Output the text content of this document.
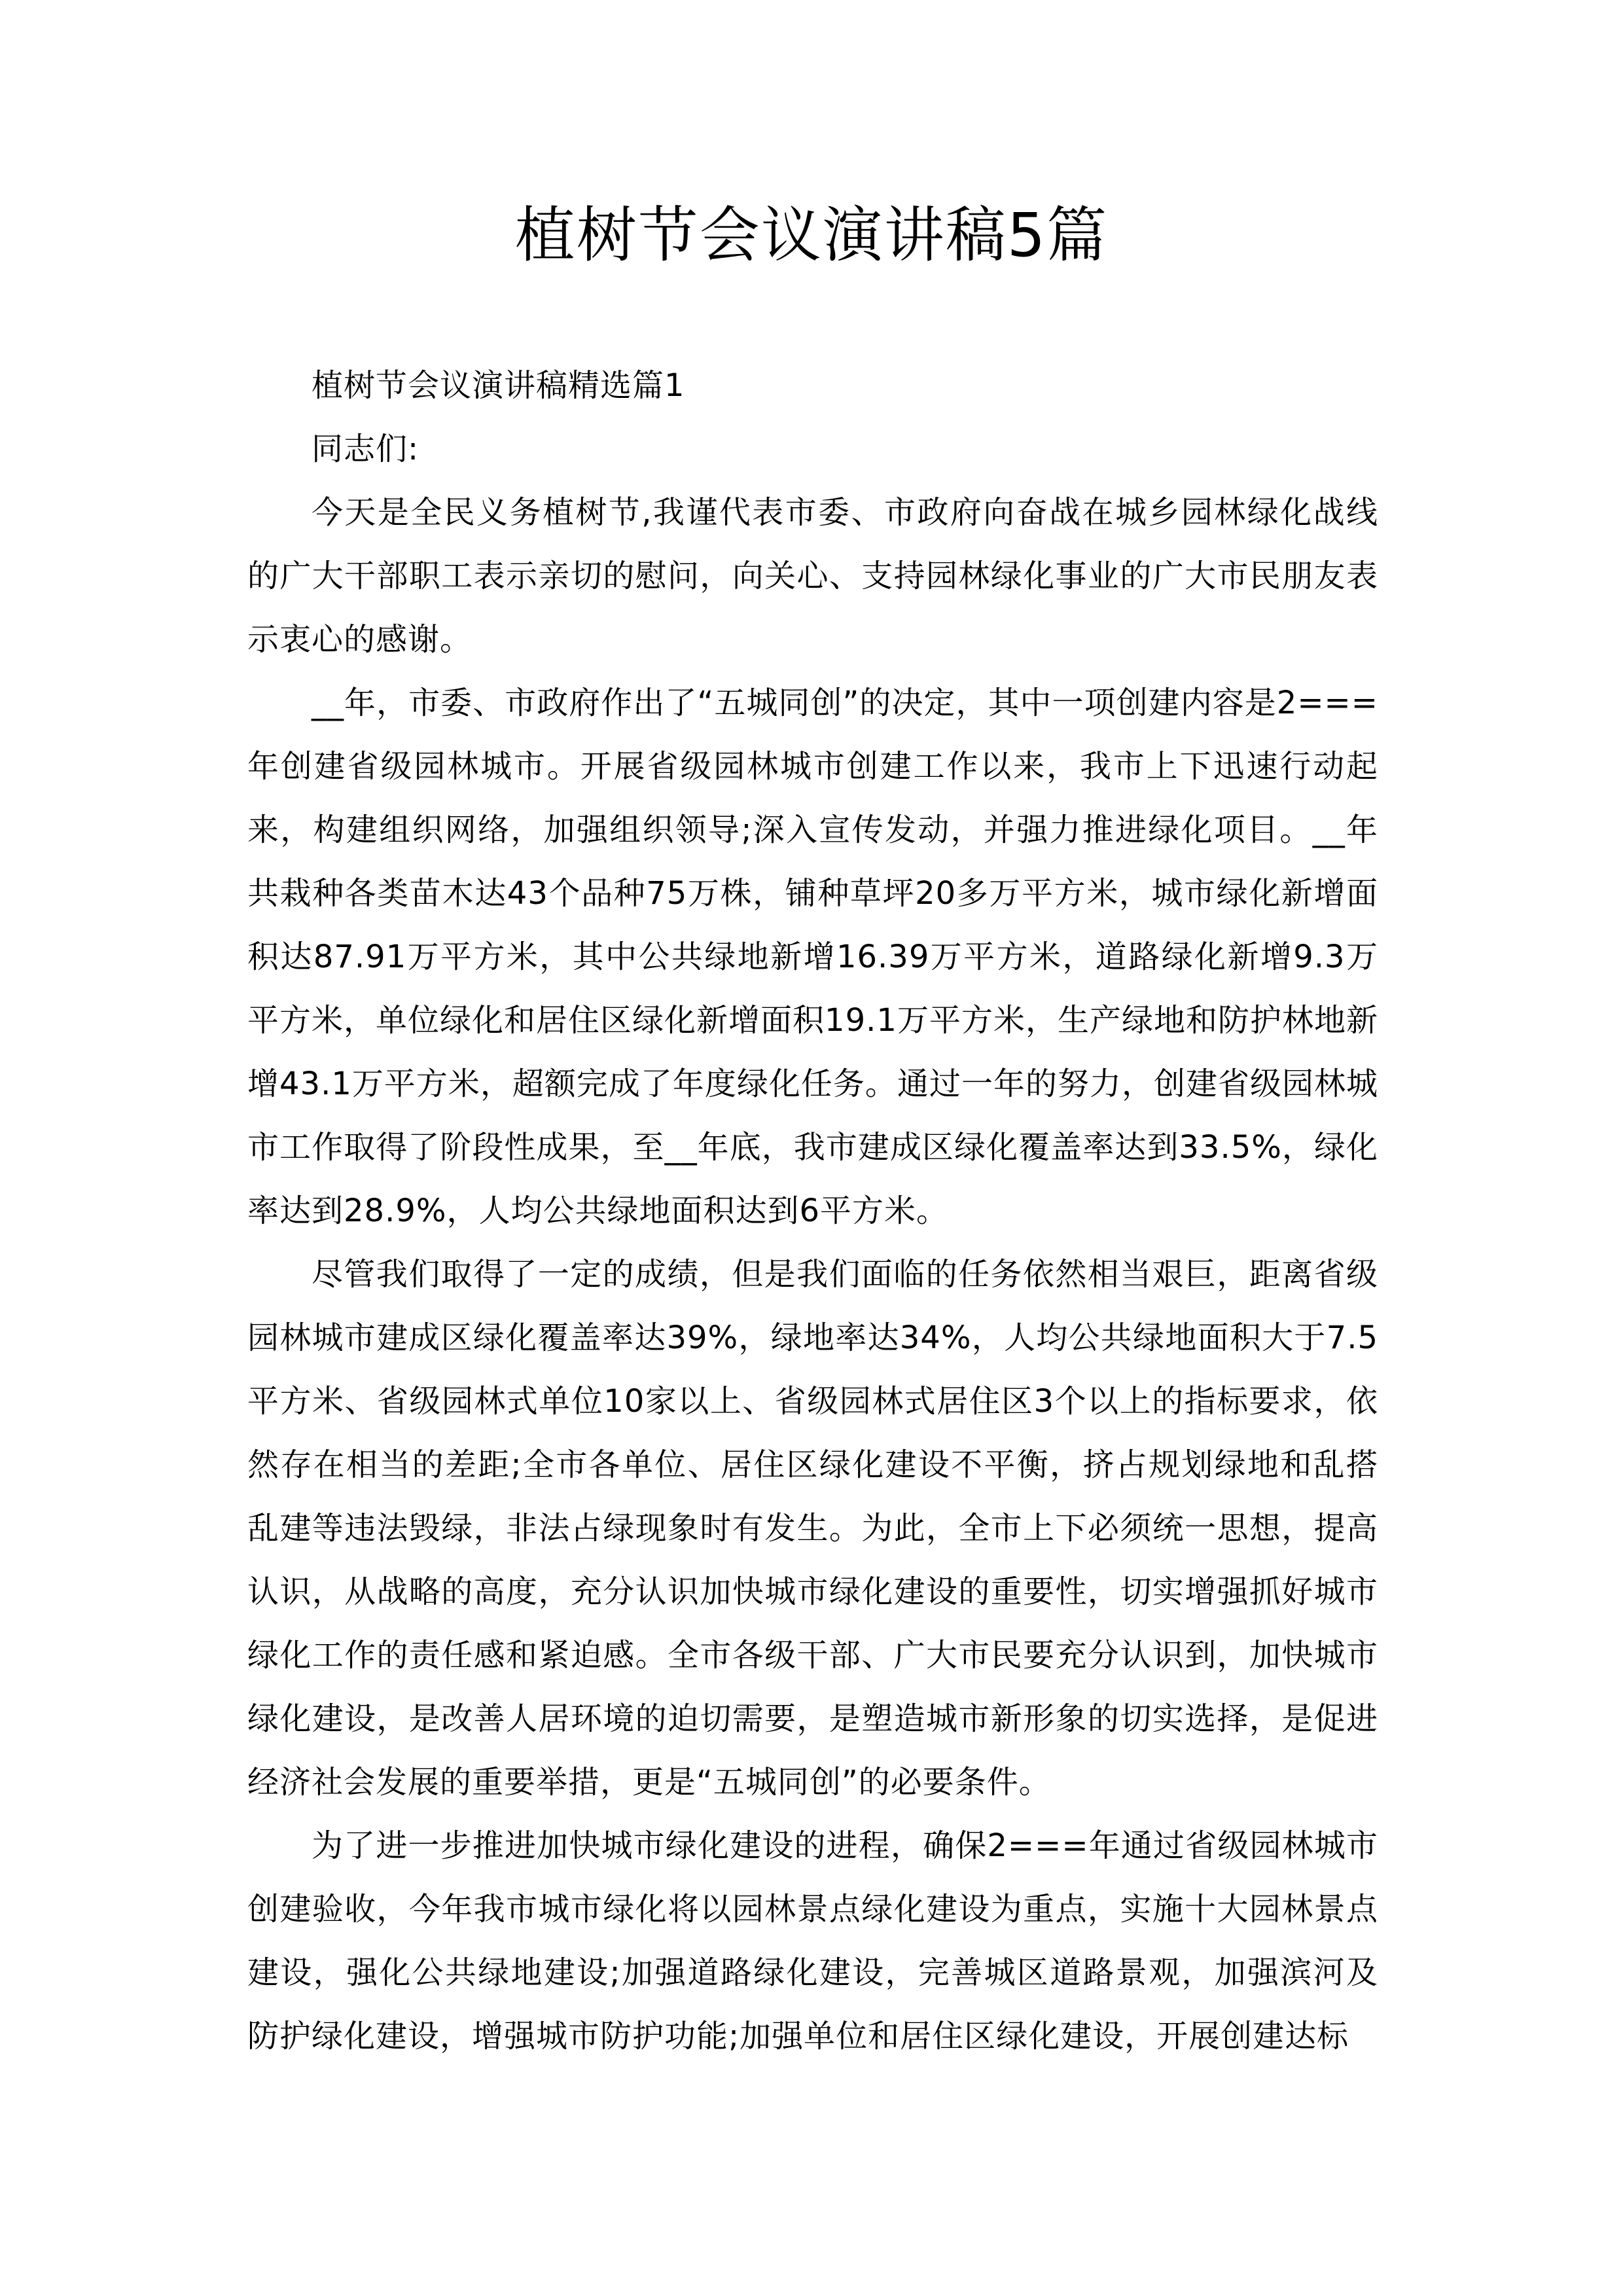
植树节会议演讲稿5篇

植树节会议演讲稿精选篇1

同志们:

今天是全民义务植树节,我谨代表市委、市政府向奋战在城乡园林绿化战线的广大干部职工表示亲切的慰问，向关心、支持园林绿化事业的广大市民朋友表示衷心的感谢。

__年，市委、市政府作出了“五城同创”的决定，其中一项创建内容是2===年创建省级园林城市。开展省级园林城市创建工作以来，我市上下迅速行动起来，构建组织网络，加强组织领导;深入宣传发动，并强力推进绿化项目。__年共栽种各类苗木达43个品种75万株，铺种草坪20多万平方米，城市绿化新增面积达87.91万平方米，其中公共绿地新增16.39万平方米，道路绿化新增9.3万平方米，单位绿化和居住区绿化新增面积19.1万平方米，生产绿地和防护林地新增43.1万平方米，超额完成了年度绿化任务。通过一年的努力，创建省级园林城市工作取得了阶段性成果，至__年底，我市建成区绿化覆盖率达到33.5%，绿化率达到28.9%，人均公共绿地面积达到6平方米。

尽管我们取得了一定的成绩，但是我们面临的任务依然相当艰巨，距离省级园林城市建成区绿化覆盖率达39%，绿地率达34%，人均公共绿地面积大于7.5平方米、省级园林式单位10家以上、省级园林式居住区3个以上的指标要求，依然存在相当的差距;全市各单位、居住区绿化建设不平衡，挤占规划绿地和乱搭乱建等违法毁绿，非法占绿现象时有发生。为此，全市上下必须统一思想，提高认识，从战略的高度，充分认识加快城市绿化建设的重要性，切实增强抓好城市绿化工作的责任感和紧迫感。全市各级干部、广大市民要充分认识到，加快城市绿化建设，是改善人居环境的迫切需要，是塑造城市新形象的切实选择，是促进经济社会发展的重要举措，更是“五城同创”的必要条件。

为了进一步推进加快城市绿化建设的进程，确保2===年通过省级园林城市创建验收，今年我市城市绿化将以园林景点绿化建设为重点，实施十大园林景点建设，强化公共绿地建设;加强道路绿化建设，完善城区道路景观，加强滨河及防护绿化建设，增强城市防护功能;加强单位和居住区绿化建设，开展创建达标
